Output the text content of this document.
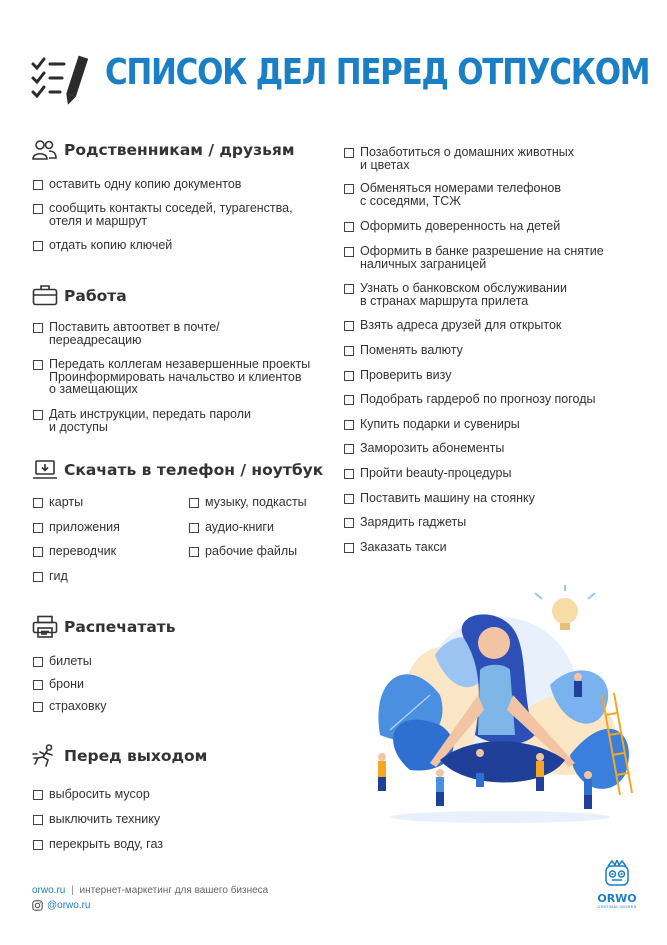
СПИСОК ДЕЛ ПЕРЕД ОТПУСКОМ
Родственникам / друзьям
оставить одну копию документов
сообщить контакты соседей, турагенства,
отеля и маршрут
отдать копию ключей
Работа
Поставить автоответ в почте/
переадресацию
Передать коллегам незавершенные проекты
Проинформировать начальство и клиентов
о замещающих
Дать инструкции, передать пароли
и доступы
Скачать в телефон / ноутбук
карты
приложения
переводчик
гид
музыку, подкасты
аудио-книги
рабочие файлы
Распечатать
билеты
брони
страховку
Перед выходом
выбросить мусор
выключить технику
перекрыть воду, газ
Позаботиться о домашних животных
и цветах
Обменяться номерами телефонов
с соседями, ТСЖ
Оформить доверенность на детей
Оформить в банке разрешение на снятие
наличных заграницей
Узнать о банковском обслуживании
в странах маршрута прилета
Взять адреса друзей для открыток
Поменять валюту
Проверить визу
Подобрать гардероб по прогнозу погоды
Купить подарки и сувениры
Заморозить абонементы
Пройти beauty-процедуры
Поставить машину на стоянку
Зарядить гаджеты
Заказать такси
orwo.ru | интернет-маркетинг для вашего бизнеса
@orwo.ru
ORWO
ORIGINAL WORKS
